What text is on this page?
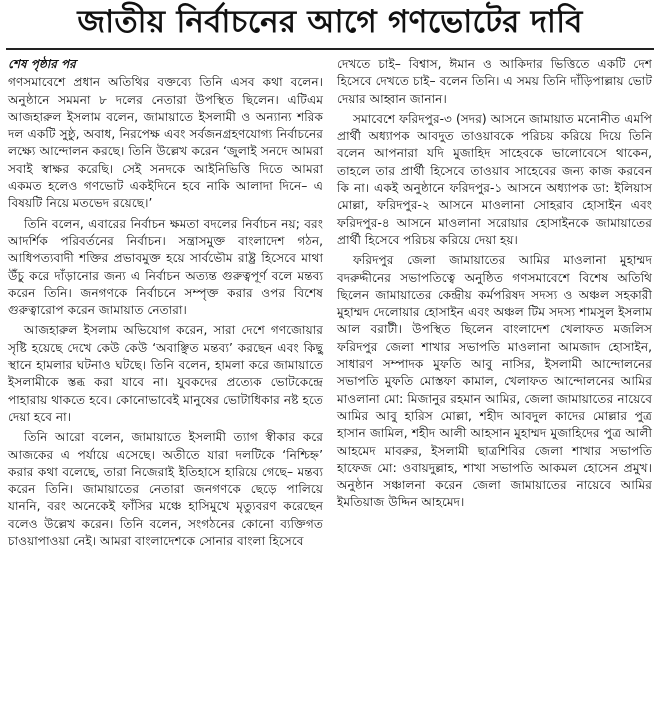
জাতীয় নির্বাচনের আগে গণভোটের দাবি
শেষ পৃষ্ঠার পর

গণসমাবেশে প্রধান অতিথির বক্তব্যে তিনি এসব কথা বলেন। অনুষ্ঠানে সমমনা ৮ দলের নেতারা উপস্থিত ছিলেন। এটিএম আজহারুল ইসলাম বলেন, জামায়াতে ইসলামী ও অন্যান্য শরিক দল একটি সুষ্ঠু, অবাধ, নিরপেক্ষ এবং সর্বজনগ্রহণযোগ্য নির্বাচনের লক্ষ্যে আন্দোলন করছে। তিনি উল্লেখ করেন ‘জুলাই সনদে আমরা সবাই স্বাক্ষর করেছি। সেই সনদকে আইনিভিত্তি দিতে আমরা একমত হলেও গণভোট একইদিনে হবে নাকি আলাদা দিনে– এ বিষয়টি নিয়ে মতভেদ রয়েছে।’

তিনি বলেন, এবারের নির্বাচন ক্ষমতা বদলের নির্বাচন নয়; বরং আদর্শিক পরিবর্তনের নির্বাচন। সন্ত্রাসমুক্ত বাংলাদেশ গঠন, আধিপত্যবাদী শক্তির প্রভাবমুক্ত হয়ে সার্বভৌম রাষ্ট্র হিসেবে মাথা উঁচু করে দাঁড়ানোর জন্য এ নির্বাচন অত্যন্ত গুরুত্বপূর্ণ বলে মন্তব্য করেন তিনি। জনগণকে নির্বাচনে সম্পৃক্ত করার ওপর বিশেষ গুরুত্বারোপ করেন জামায়াত নেতারা।

আজহারুল ইসলাম অভিযোগ করেন, সারা দেশে গণজোয়ার সৃষ্টি হয়েছে দেখে কেউ কেউ ‘অবাঞ্ছিত মন্তব্য’ করছেন এবং কিছু স্থানে হামলার ঘটনাও ঘটছে। তিনি বলেন, হামলা করে জামায়াতে ইসলামীকে স্তব্ধ করা যাবে না। যুবকদের প্রত্যেক ভোটকেন্দ্রে পাহারায় থাকতে হবে। কোনোভাবেই মানুষের ভোটাধিকার নষ্ট হতে দেয়া হবে না।

তিনি আরো বলেন, জামায়াতে ইসলামী ত্যাগ স্বীকার করে আজকের এ পর্যায়ে এসেছে। অতীতে যারা দলটিকে ‘নিশ্চিহ্ন’ করার কথা বলেছে, তারা নিজেরাই ইতিহাসে হারিয়ে গেছে– মন্তব্য করেন তিনি। জামায়াতের নেতারা জনগণকে ছেড়ে পালিয়ে যাননি, বরং অনেকেই ফাঁসির মঞ্চে হাসিমুখে মৃত্যুবরণ করেছেন বলেও উল্লেখ করেন। তিনি বলেন, সংগঠনের কোনো ব্যক্তিগত চাওয়াপাওয়া নেই। আমরা বাংলাদেশকে সোনার বাংলা হিসেবে

দেখতে চাই– বিশ্বাস, ঈমান ও আকিদার ভিত্তিতে একটি দেশ হিসেবে দেখতে চাই– বলেন তিনি। এ সময় তিনি দাঁড়িপাল্লায় ভোট দেয়ার আহ্বান জানান।

সমাবেশে ফরিদপুর-৩ (সদর) আসনে জামায়াত মনোনীত এমপি প্রার্থী অধ্যাপক আবদুত তাওয়াবকে পরিচয় করিয়ে দিয়ে তিনি বলেন আপনারা যদি মুজাহিদ সাহেবকে ভালোবেসে থাকেন, তাহলে তার প্রার্থী হিসেবে তাওয়াব সাহেবের জন্য কাজ করবেন কি না। একই অনুষ্ঠানে ফরিদপুর-১ আসনে অধ্যাপক ডা: ইলিয়াস মোল্লা, ফরিদপুর-২ আসনে মাওলানা সোহরাব হোসাইন এবং ফরিদপুর-৪ আসনে মাওলানা সরোয়ার হোসাইনকে জামায়াতের প্রার্থী হিসেবে পরিচয় করিয়ে দেয়া হয়।

ফরিদপুর জেলা জামায়াতের আমির মাওলানা মুহাম্মদ বদরুদ্দীনের সভাপতিত্বে অনুষ্ঠিত গণসমাবেশে বিশেষ অতিথি ছিলেন জামায়াতের কেন্দ্রীয় কর্মপরিষদ সদস্য ও অঞ্চল সহকারী মুহাম্মদ দেলোয়ার হোসাইন এবং অঞ্চল টিম সদস্য শামসুল ইসলাম আল বরাটী। উপস্থিত ছিলেন বাংলাদেশ খেলাফত মজলিস ফরিদপুর জেলা শাখার সভাপতি মাওলানা আমজাদ হোসাইন, সাধারণ সম্পাদক মুফতি আবু নাসির, ইসলামী আন্দোলনের সভাপতি মুফতি মোস্তফা কামাল, খেলাফত আন্দোলনের আমির মাওলানা মো: মিজানুর রহমান আমির, জেলা জামায়াতের নায়েবে আমির আবু হারিস মোল্লা, শহীদ আবদুল কাদের মোল্লার পুত্র হাসান জামিল, শহীদ আলী আহসান মুহাম্মদ মুজাহিদের পুত্র আলী আহমেদ মাবরুর, ইসলামী ছাত্রশিবির জেলা শাখার সভাপতি হাফেজ মো: ওবায়দুল্লাহ, শাখা সভাপতি আকমল হোসেন প্রমুখ। অনুষ্ঠান সঞ্চালনা করেন জেলা জামায়াতের নায়েবে আমির ইমতিয়াজ উদ্দিন আহমেদ।
